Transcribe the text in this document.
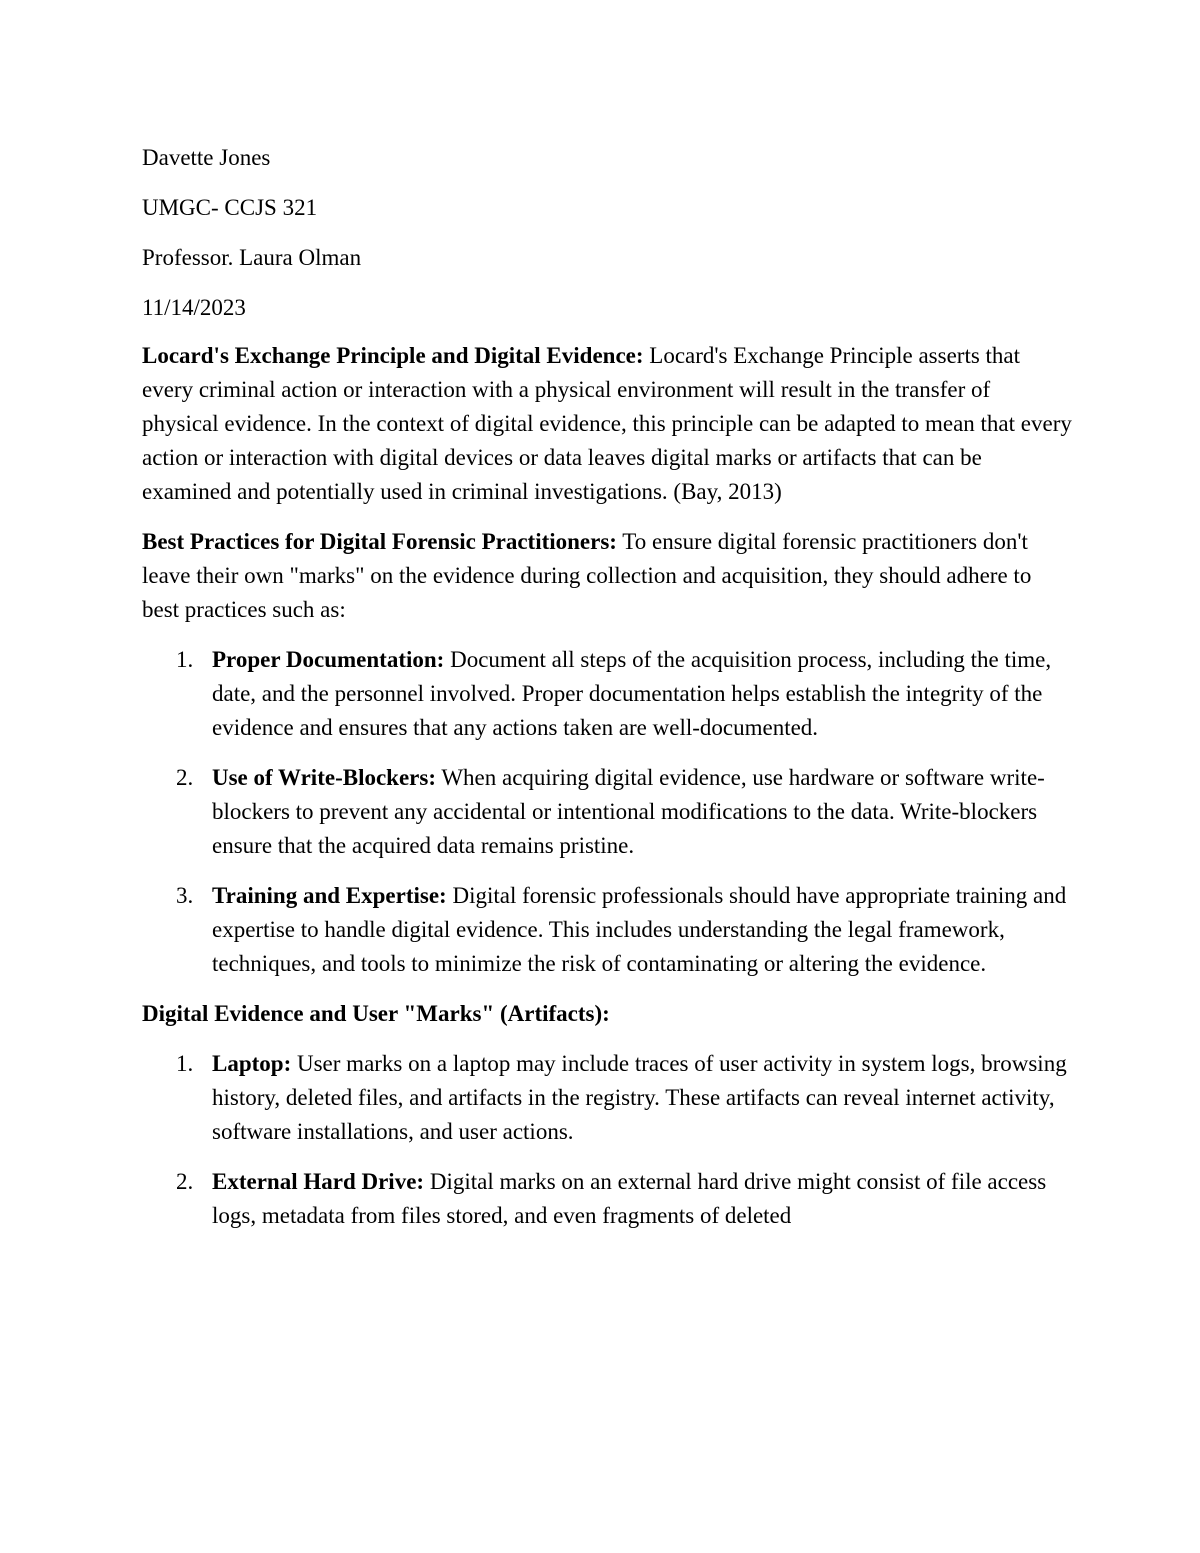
Davette Jones

UMGC- CCJS 321

Professor. Laura Olman

11/14/2023

Locard's Exchange Principle and Digital Evidence: Locard's Exchange Principle asserts that every criminal action or interaction with a physical environment will result in the transfer of physical evidence. In the context of digital evidence, this principle can be adapted to mean that every action or interaction with digital devices or data leaves digital marks or artifacts that can be examined and potentially used in criminal investigations. (Bay, 2013)

Best Practices for Digital Forensic Practitioners: To ensure digital forensic practitioners don't leave their own "marks" on the evidence during collection and acquisition, they should adhere to best practices such as:

1. Proper Documentation: Document all steps of the acquisition process, including the time, date, and the personnel involved. Proper documentation helps establish the integrity of the evidence and ensures that any actions taken are well-documented.
2. Use of Write-Blockers: When acquiring digital evidence, use hardware or software write-blockers to prevent any accidental or intentional modifications to the data. Write-blockers ensure that the acquired data remains pristine.
3. Training and Expertise: Digital forensic professionals should have appropriate training and expertise to handle digital evidence. This includes understanding the legal framework, techniques, and tools to minimize the risk of contaminating or altering the evidence.

Digital Evidence and User "Marks" (Artifacts):

1. Laptop: User marks on a laptop may include traces of user activity in system logs, browsing history, deleted files, and artifacts in the registry. These artifacts can reveal internet activity, software installations, and user actions.
2. External Hard Drive: Digital marks on an external hard drive might consist of file access logs, metadata from files stored, and even fragments of deleted
